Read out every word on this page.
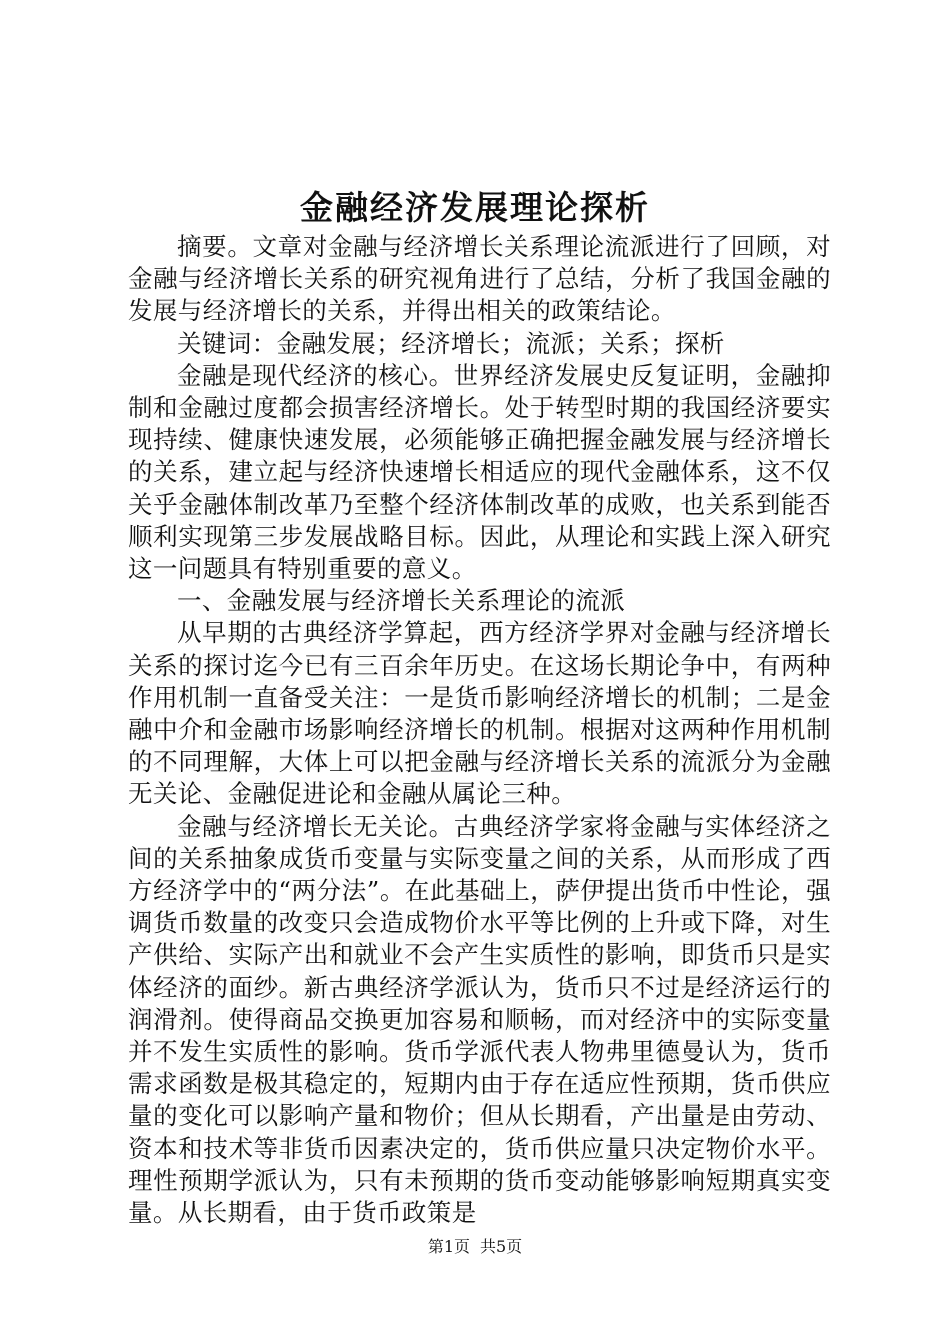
金融经济发展理论探析

摘要。文章对金融与经济增长关系理论流派进行了回顾，对金融与经济增长关系的研究视角进行了总结，分析了我国金融的发展与经济增长的关系，并得出相关的政策结论。

关键词：金融发展；经济增长；流派；关系；探析

金融是现代经济的核心。世界经济发展史反复证明，金融抑制和金融过度都会损害经济增长。处于转型时期的我国经济要实现持续、健康快速发展，必须能够正确把握金融发展与经济增长的关系，建立起与经济快速增长相适应的现代金融体系，这不仅关乎金融体制改革乃至整个经济体制改革的成败，也关系到能否顺利实现第三步发展战略目标。因此，从理论和实践上深入研究这一问题具有特别重要的意义。

一、金融发展与经济增长关系理论的流派

从早期的古典经济学算起，西方经济学界对金融与经济增长关系的探讨迄今已有三百余年历史。在这场长期论争中，有两种作用机制一直备受关注：一是货币影响经济增长的机制；二是金融中介和金融市场影响经济增长的机制。根据对这两种作用机制的不同理解，大体上可以把金融与经济增长关系的流派分为金融无关论、金融促进论和金融从属论三种。

金融与经济增长无关论。古典经济学家将金融与实体经济之间的关系抽象成货币变量与实际变量之间的关系，从而形成了西方经济学中的“两分法”。在此基础上，萨伊提出货币中性论，强调货币数量的改变只会造成物价水平等比例的上升或下降，对生产供给、实际产出和就业不会产生实质性的影响，即货币只是实体经济的面纱。新古典经济学派认为，货币只不过是经济运行的润滑剂。使得商品交换更加容易和顺畅，而对经济中的实际变量并不发生实质性的影响。货币学派代表人物弗里德曼认为，货币需求函数是极其稳定的，短期内由于存在适应性预期，货币供应量的变化可以影响产量和物价；但从长期看，产出量是由劳动、资本和技术等非货币因素决定的，货币供应量只决定物价水平。理性预期学派认为，只有未预期的货币变动能够影响短期真实变量。从长期看，由于货币政策是

第1页 共5页
